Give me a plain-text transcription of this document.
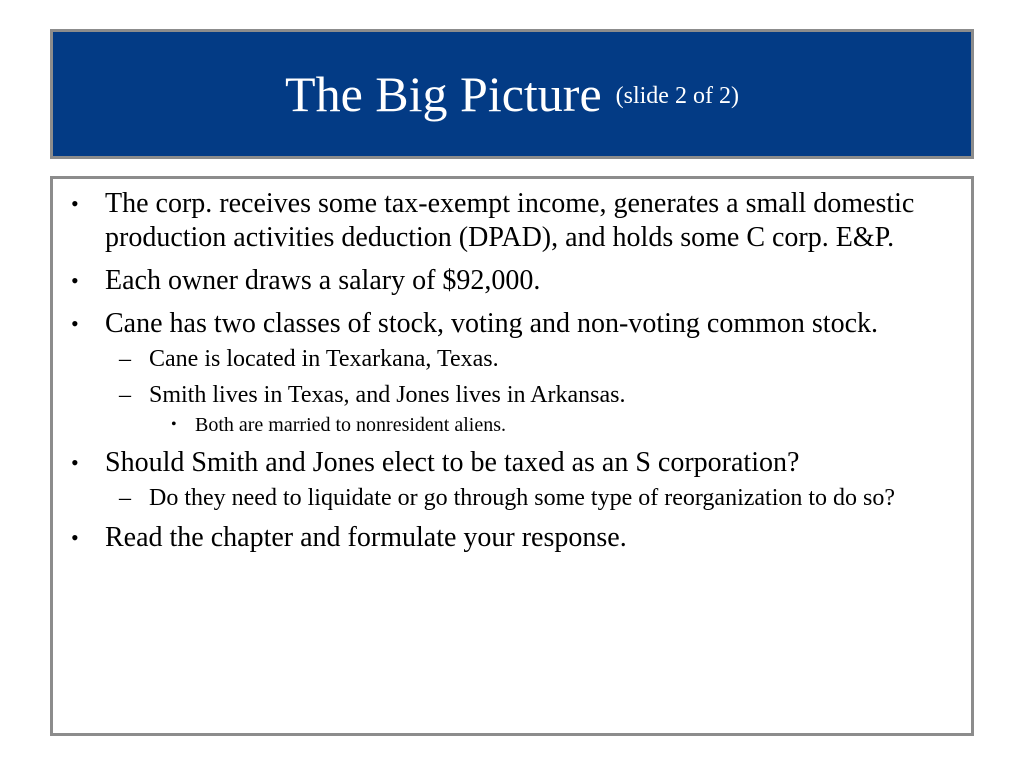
The Big Picture (slide 2 of 2)
• The corp. receives some tax-exempt income, generates a small domestic production activities deduction (DPAD), and holds some C corp. E&P.
• Each owner draws a salary of $92,000.
• Cane has two classes of stock, voting and non-voting common stock.
– Cane is located in Texarkana, Texas.
– Smith lives in Texas, and Jones lives in Arkansas.
• Both are married to nonresident aliens.
• Should Smith and Jones elect to be taxed as an S corporation?
– Do they need to liquidate or go through some type of reorganization to do so?
• Read the chapter and formulate your response.
